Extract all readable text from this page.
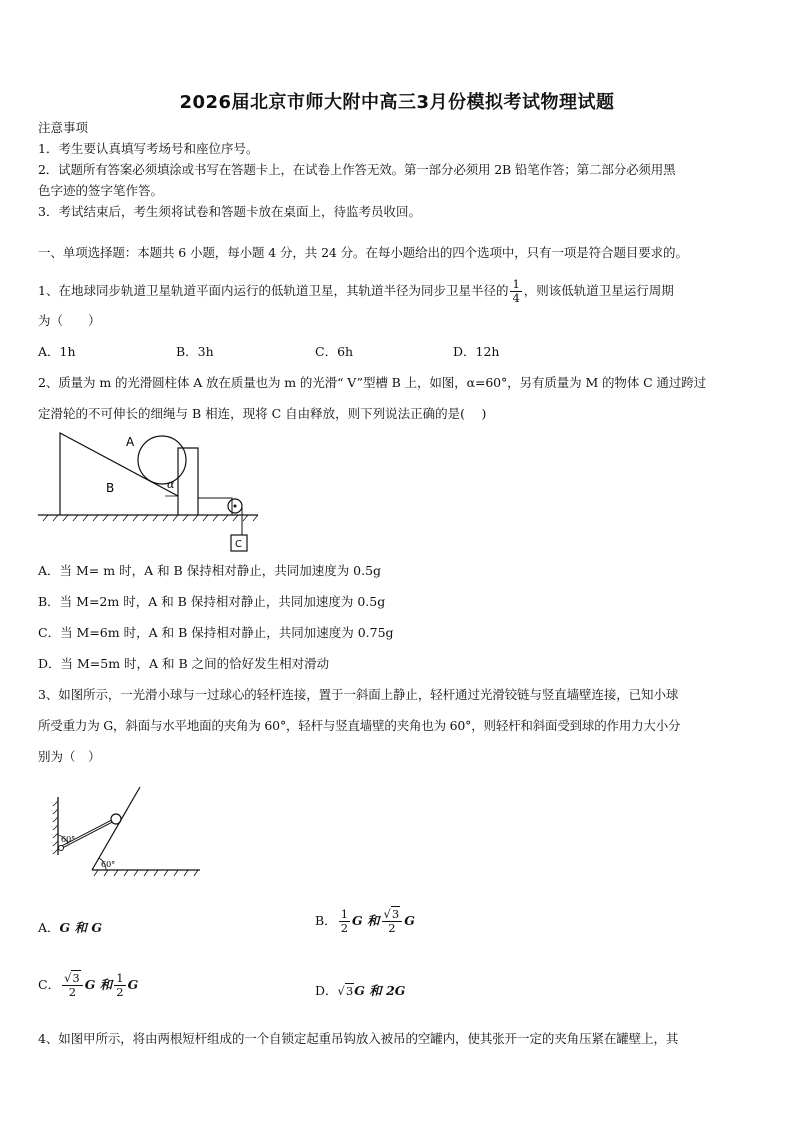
2026届北京市师大附中高三3月份模拟考试物理试题
注意事项
1．考生要认真填写考场号和座位序号。
2．试题所有答案必须填涂或书写在答题卡上，在试卷上作答无效。第一部分必须用 2B 铅笔作答；第二部分必须用黑
色字迹的签字笔作答。
3．考试结束后，考生须将试卷和答题卡放在桌面上，待监考员收回。
一、单项选择题：本题共 6 小题，每小题 4 分，共 24 分。在每小题给出的四个选项中，只有一项是符合题目要求的。
1、在地球同步轨道卫星轨道平面内运行的低轨道卫星，其轨道半径为同步卫星半径的 $\frac{1}{4}$ ，则该低轨道卫星运行周期
为（　　）
A．1h	B．3h	C．6h	D．12h
2、质量为 m 的光滑圆柱体 A 放在质量也为 m 的光滑“ V”型槽 B 上，如图，α=60°，另有质量为 M 的物体 C 通过跨过
定滑轮的不可伸长的细绳与 B 相连，现将 C 自由释放，则下列说法正确的是(　 )
A
B	α
C
A．当 M= m 时，A 和 B 保持相对静止，共同加速度为 0.5g
B．当 M=2m 时，A 和 B 保持相对静止，共同加速度为 0.5g
C．当 M=6m 时，A 和 B 保持相对静止，共同加速度为 0.75g
D．当 M=5m 时，A 和 B 之间的恰好发生相对滑动
3、如图所示，一光滑小球与一过球心的轻杆连接，置于一斜面上静止，轻杆通过光滑铰链与竖直墙壁连接，已知小球
所受重力为 G，斜面与水平地面的夹角为 60°，轻杆与竖直墙壁的夹角也为 60°，则轻杆和斜面受到球的作用力大小分
别为（　）
60°
60°
A．G 和 G	B． $\frac{1}{2}$ G 和 $\frac{√3}{2}$ G
C． $\frac{√3}{2}$ G 和 $\frac{1}{2}$ G	D．√3G 和 2G
4、如图甲所示，将由两根短杆组成的一个自锁定起重吊钩放入被吊的空罐内，使其张开一定的夹角压紧在罐壁上，其
